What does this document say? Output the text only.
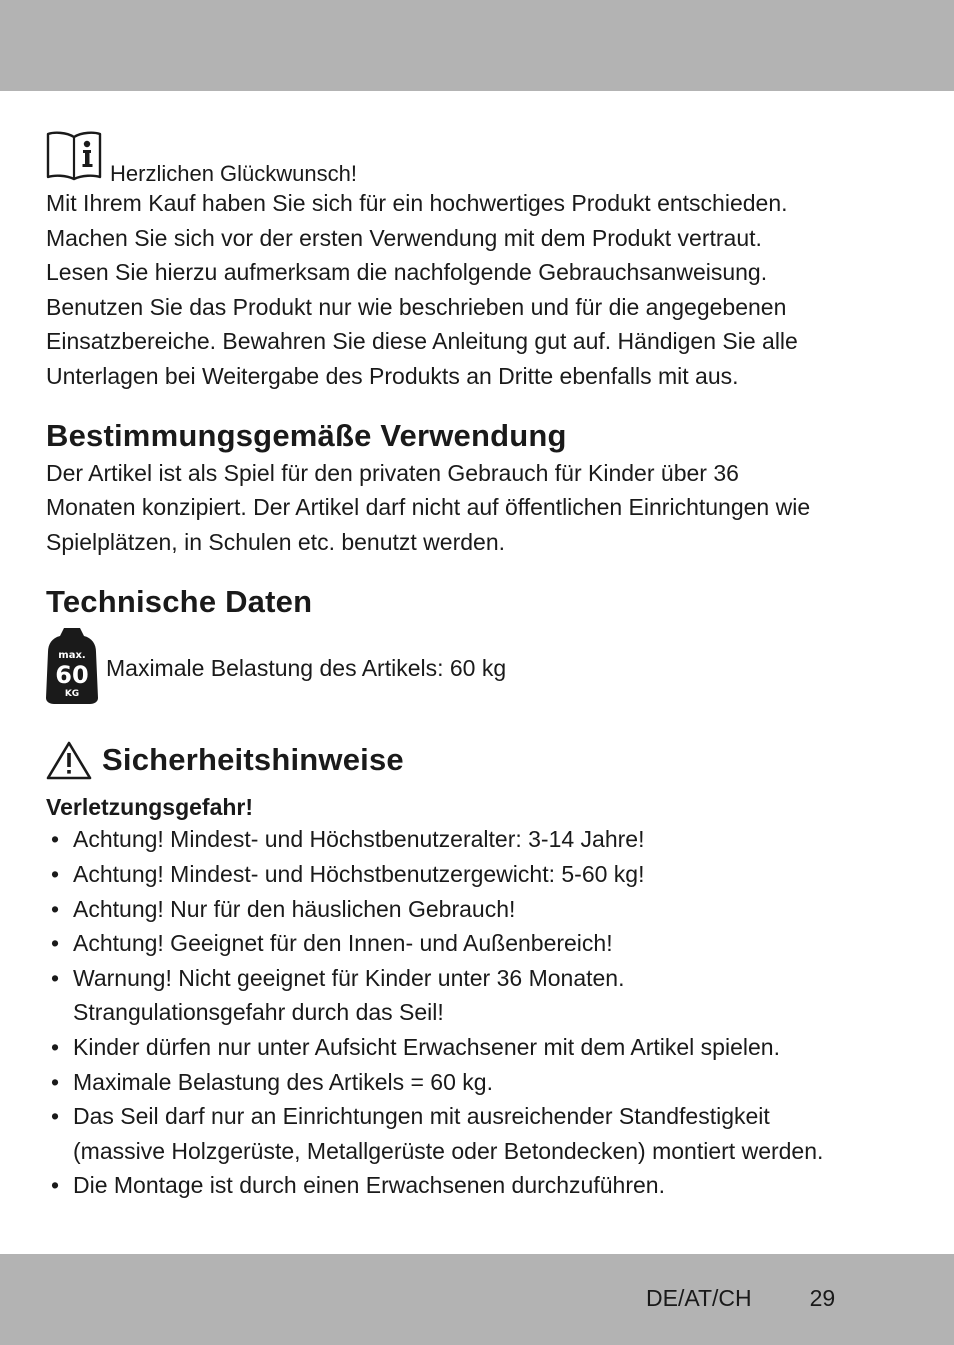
Herzlichen Glückwunsch!

Mit Ihrem Kauf haben Sie sich für ein hochwertiges Produkt entschieden.

Machen Sie sich vor der ersten Verwendung mit dem Produkt vertraut.

Lesen Sie hierzu aufmerksam die nachfolgende Gebrauchsanweisung.

Benutzen Sie das Produkt nur wie beschrieben und für die angegebenen

Einsatzbereiche. Bewahren Sie diese Anleitung gut auf. Händigen Sie alle

Unterlagen bei Weitergabe des Produkts an Dritte ebenfalls mit aus.

Bestimmungsgemäße Verwendung

Der Artikel ist als Spiel für den privaten Gebrauch für Kinder über 36

Monaten konzipiert. Der Artikel darf nicht auf öffentlichen Einrichtungen wie

Spielplätzen, in Schulen etc. benutzt werden.

Technische Daten
max.
60
KG
Maximale Belastung des Artikels: 60 kg
Sicherheitshinweise
Verletzungsgefahr!
• Achtung! Mindest- und Höchstbenutzeralter: 3-14 Jahre!
• Achtung! Mindest- und Höchstbenutzergewicht: 5-60 kg!
• Achtung! Nur für den häuslichen Gebrauch!
• Achtung! Geeignet für den Innen- und Außenbereich!
• Warnung! Nicht geeignet für Kinder unter 36 Monaten.
Strangulationsgefahr durch das Seil!
• Kinder dürfen nur unter Aufsicht Erwachsener mit dem Artikel spielen.
• Maximale Belastung des Artikels = 60 kg.
• Das Seil darf nur an Einrichtungen mit ausreichender Standfestigkeit
(massive Holzgerüste, Metallgerüste oder Betondecken) montiert werden.
• Die Montage ist durch einen Erwachsenen durchzuführen.
DE/AT/CH	29
